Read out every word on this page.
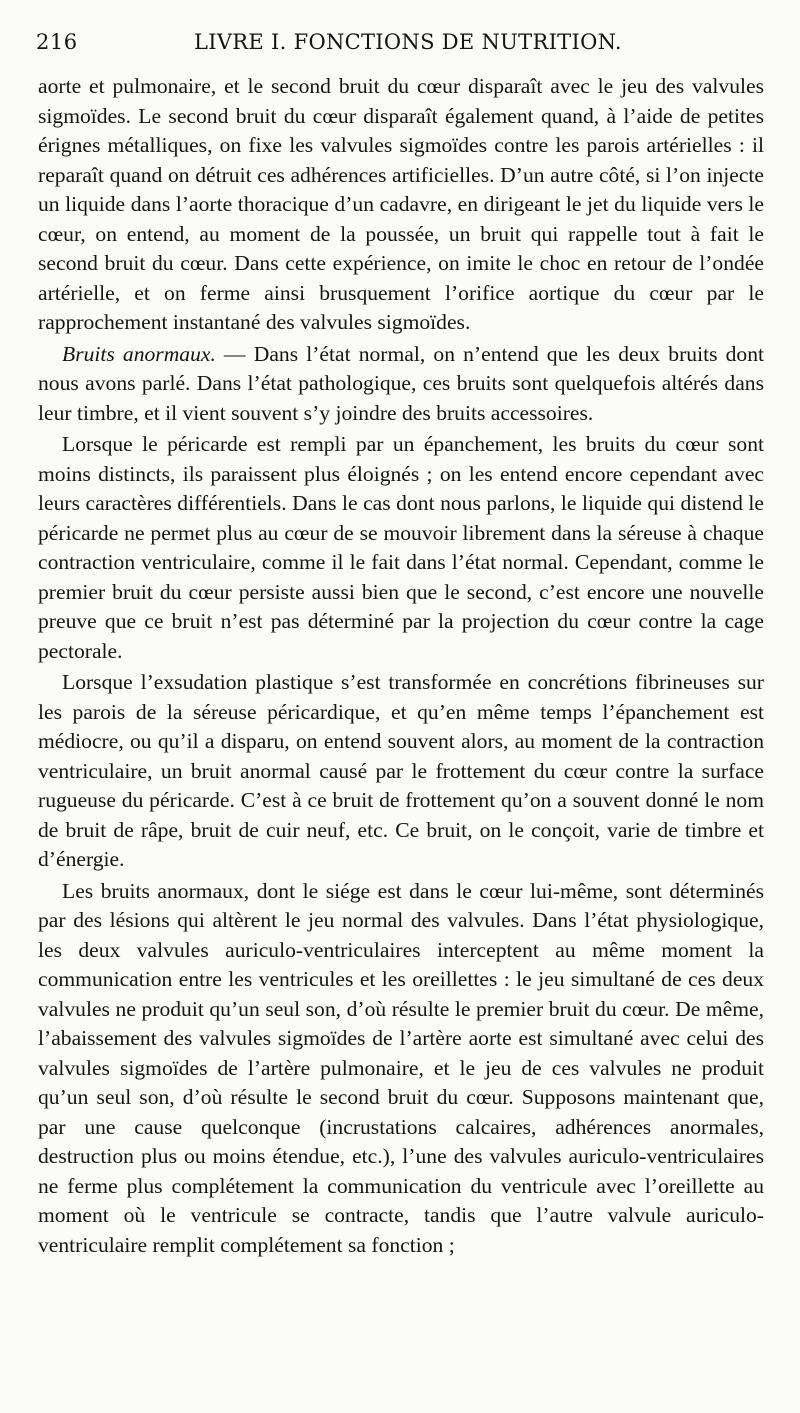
216	LIVRE I. FONCTIONS DE NUTRITION.

aorte et pulmonaire, et le second bruit du cœur disparaît avec le jeu des valvules sigmoïdes. Le second bruit du cœur disparaît également quand, à l’aide de petites érignes métalliques, on fixe les valvules sigmoïdes contre les parois artérielles : il reparaît quand on détruit ces adhérences artificielles. D’un autre côté, si l’on injecte un liquide dans l’aorte thoracique d’un cadavre, en dirigeant le jet du liquide vers le cœur, on entend, au moment de la poussée, un bruit qui rappelle tout à fait le second bruit du cœur. Dans cette expérience, on imite le choc en retour de l’ondée artérielle, et on ferme ainsi brusquement l’orifice aortique du cœur par le rapprochement instantané des valvules sigmoïdes.

Bruits anormaux. — Dans l’état normal, on n’entend que les deux bruits dont nous avons parlé. Dans l’état pathologique, ces bruits sont quelquefois altérés dans leur timbre, et il vient souvent s’y joindre des bruits accessoires.

Lorsque le péricarde est rempli par un épanchement, les bruits du cœur sont moins distincts, ils paraissent plus éloignés ; on les entend encore cependant avec leurs caractères différentiels. Dans le cas dont nous parlons, le liquide qui distend le péricarde ne permet plus au cœur de se mouvoir librement dans la séreuse à chaque contraction ventriculaire, comme il le fait dans l’état normal. Cependant, comme le premier bruit du cœur persiste aussi bien que le second, c’est encore une nouvelle preuve que ce bruit n’est pas déterminé par la projection du cœur contre la cage pectorale.

Lorsque l’exsudation plastique s’est transformée en concrétions fibrineuses sur les parois de la séreuse péricardique, et qu’en même temps l’épanchement est médiocre, ou qu’il a disparu, on entend souvent alors, au moment de la contraction ventriculaire, un bruit anormal causé par le frottement du cœur contre la surface rugueuse du péricarde. C’est à ce bruit de frottement qu’on a souvent donné le nom de bruit de râpe, bruit de cuir neuf, etc. Ce bruit, on le conçoit, varie de timbre et d’énergie.

Les bruits anormaux, dont le siége est dans le cœur lui-même, sont déterminés par des lésions qui altèrent le jeu normal des valvules. Dans l’état physiologique, les deux valvules auriculo-ventriculaires interceptent au même moment la communication entre les ventricules et les oreillettes : le jeu simultané de ces deux valvules ne produit qu’un seul son, d’où résulte le premier bruit du cœur. De même, l’abaissement des valvules sigmoïdes de l’artère aorte est simultané avec celui des valvules sigmoïdes de l’artère pulmonaire, et le jeu de ces valvules ne produit qu’un seul son, d’où résulte le second bruit du cœur. Supposons maintenant que, par une cause quelconque (incrustations calcaires, adhérences anormales, destruction plus ou moins étendue, etc.), l’une des valvules auriculo-ventriculaires ne ferme plus complétement la communication du ventricule avec l’oreillette au moment où le ventricule se contracte, tandis que l’autre valvule auriculo-ventriculaire remplit complétement sa fonction ;
